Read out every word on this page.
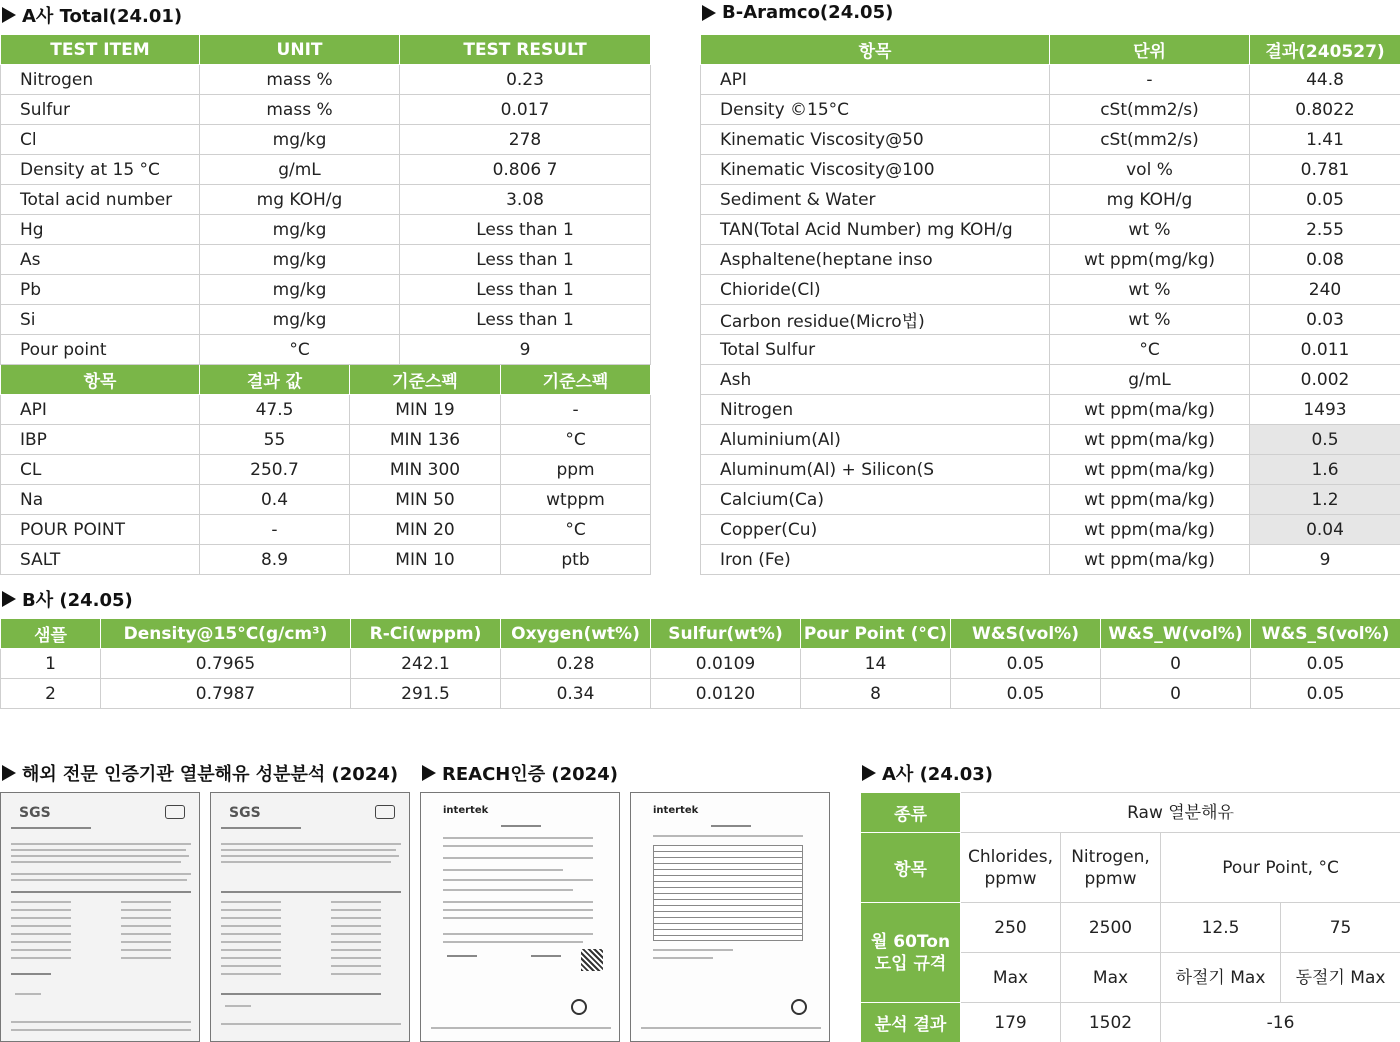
A사 Total(24.01)
TEST ITEM	UNIT		TEST RESULT	
Nitrogen	mass %		0.23	
Sulfur	mass %		0.017	
Cl	mg/kg		278	
Density at 15 °C	g/mL		0.806 7	
Total acid number	mg KOH/g		3.08	
Hg	mg/kg		Less than 1	
As	mg/kg		Less than 1	
Pb	mg/kg		Less than 1	
Si	mg/kg		Less than 1	
Pour point	°C		9	
항목	결과 값	기준스펙		기준스펙
API	47.5	MIN 19		-
IBP	55	MIN 136		°C
CL	250.7	MIN 300		ppm
Na	0.4	MIN 50		wtppm
POUR POINT	-	MIN 20		°C
SALT	8.9	MIN 10		ptb
B-Aramco(24.05)
항목	단위	결과(240527)
API	-	44.8
Density ©15°C	cSt(mm2/s)	0.8022
Kinematic Viscosity@50	cSt(mm2/s)	1.41
Kinematic Viscosity@100	vol %	0.781
Sediment & Water	mg KOH/g	0.05
TAN(Total Acid Number) mg KOH/g	wt %	2.55
Asphaltene(heptane inso	wt ppm(mg/kg)	0.08
Chioride(Cl)	wt %	240
Carbon residue(Micro법)	wt %	0.03
Total Sulfur	°C	0.011
Ash	g/mL	0.002
Nitrogen	wt ppm(ma/kg)	1493
Aluminium(Al)	wt ppm(ma/kg)	0.5
Aluminum(Al) + Silicon(S	wt ppm(ma/kg)	1.6
Calcium(Ca)	wt ppm(ma/kg)	1.2
Copper(Cu)	wt ppm(ma/kg)	0.04
Iron (Fe)	wt ppm(ma/kg)	9
B사 (24.05)
샘플	Density@15°C(g/cm³)	R-Ci(wppm)	Oxygen(wt%)	Sulfur(wt%)	Pour Point (°C)	W&S(vol%)	W&S_W(vol%)	W&S_S(vol%)
1	0.7965	242.1	0.28	0.0109	14	0.05	0	0.05
2	0.7987	291.5	0.34	0.0120	8	0.05	0	0.05
해외 전문 인증기관 열분해유 성분분석 (2024) REACH인증 (2024)
SGS	SGS	intertek	intertek
A사 (24.03)
종류	Raw 열분해유			
항목	Chlorides, ppmw	Nitrogen, ppmw	Pour Point, °C	
월 60Ton 도입 규격	250	2500	12.5	75
	Max	Max	하절기 Max	동절기 Max
분석 결과	179	1502	-16	
